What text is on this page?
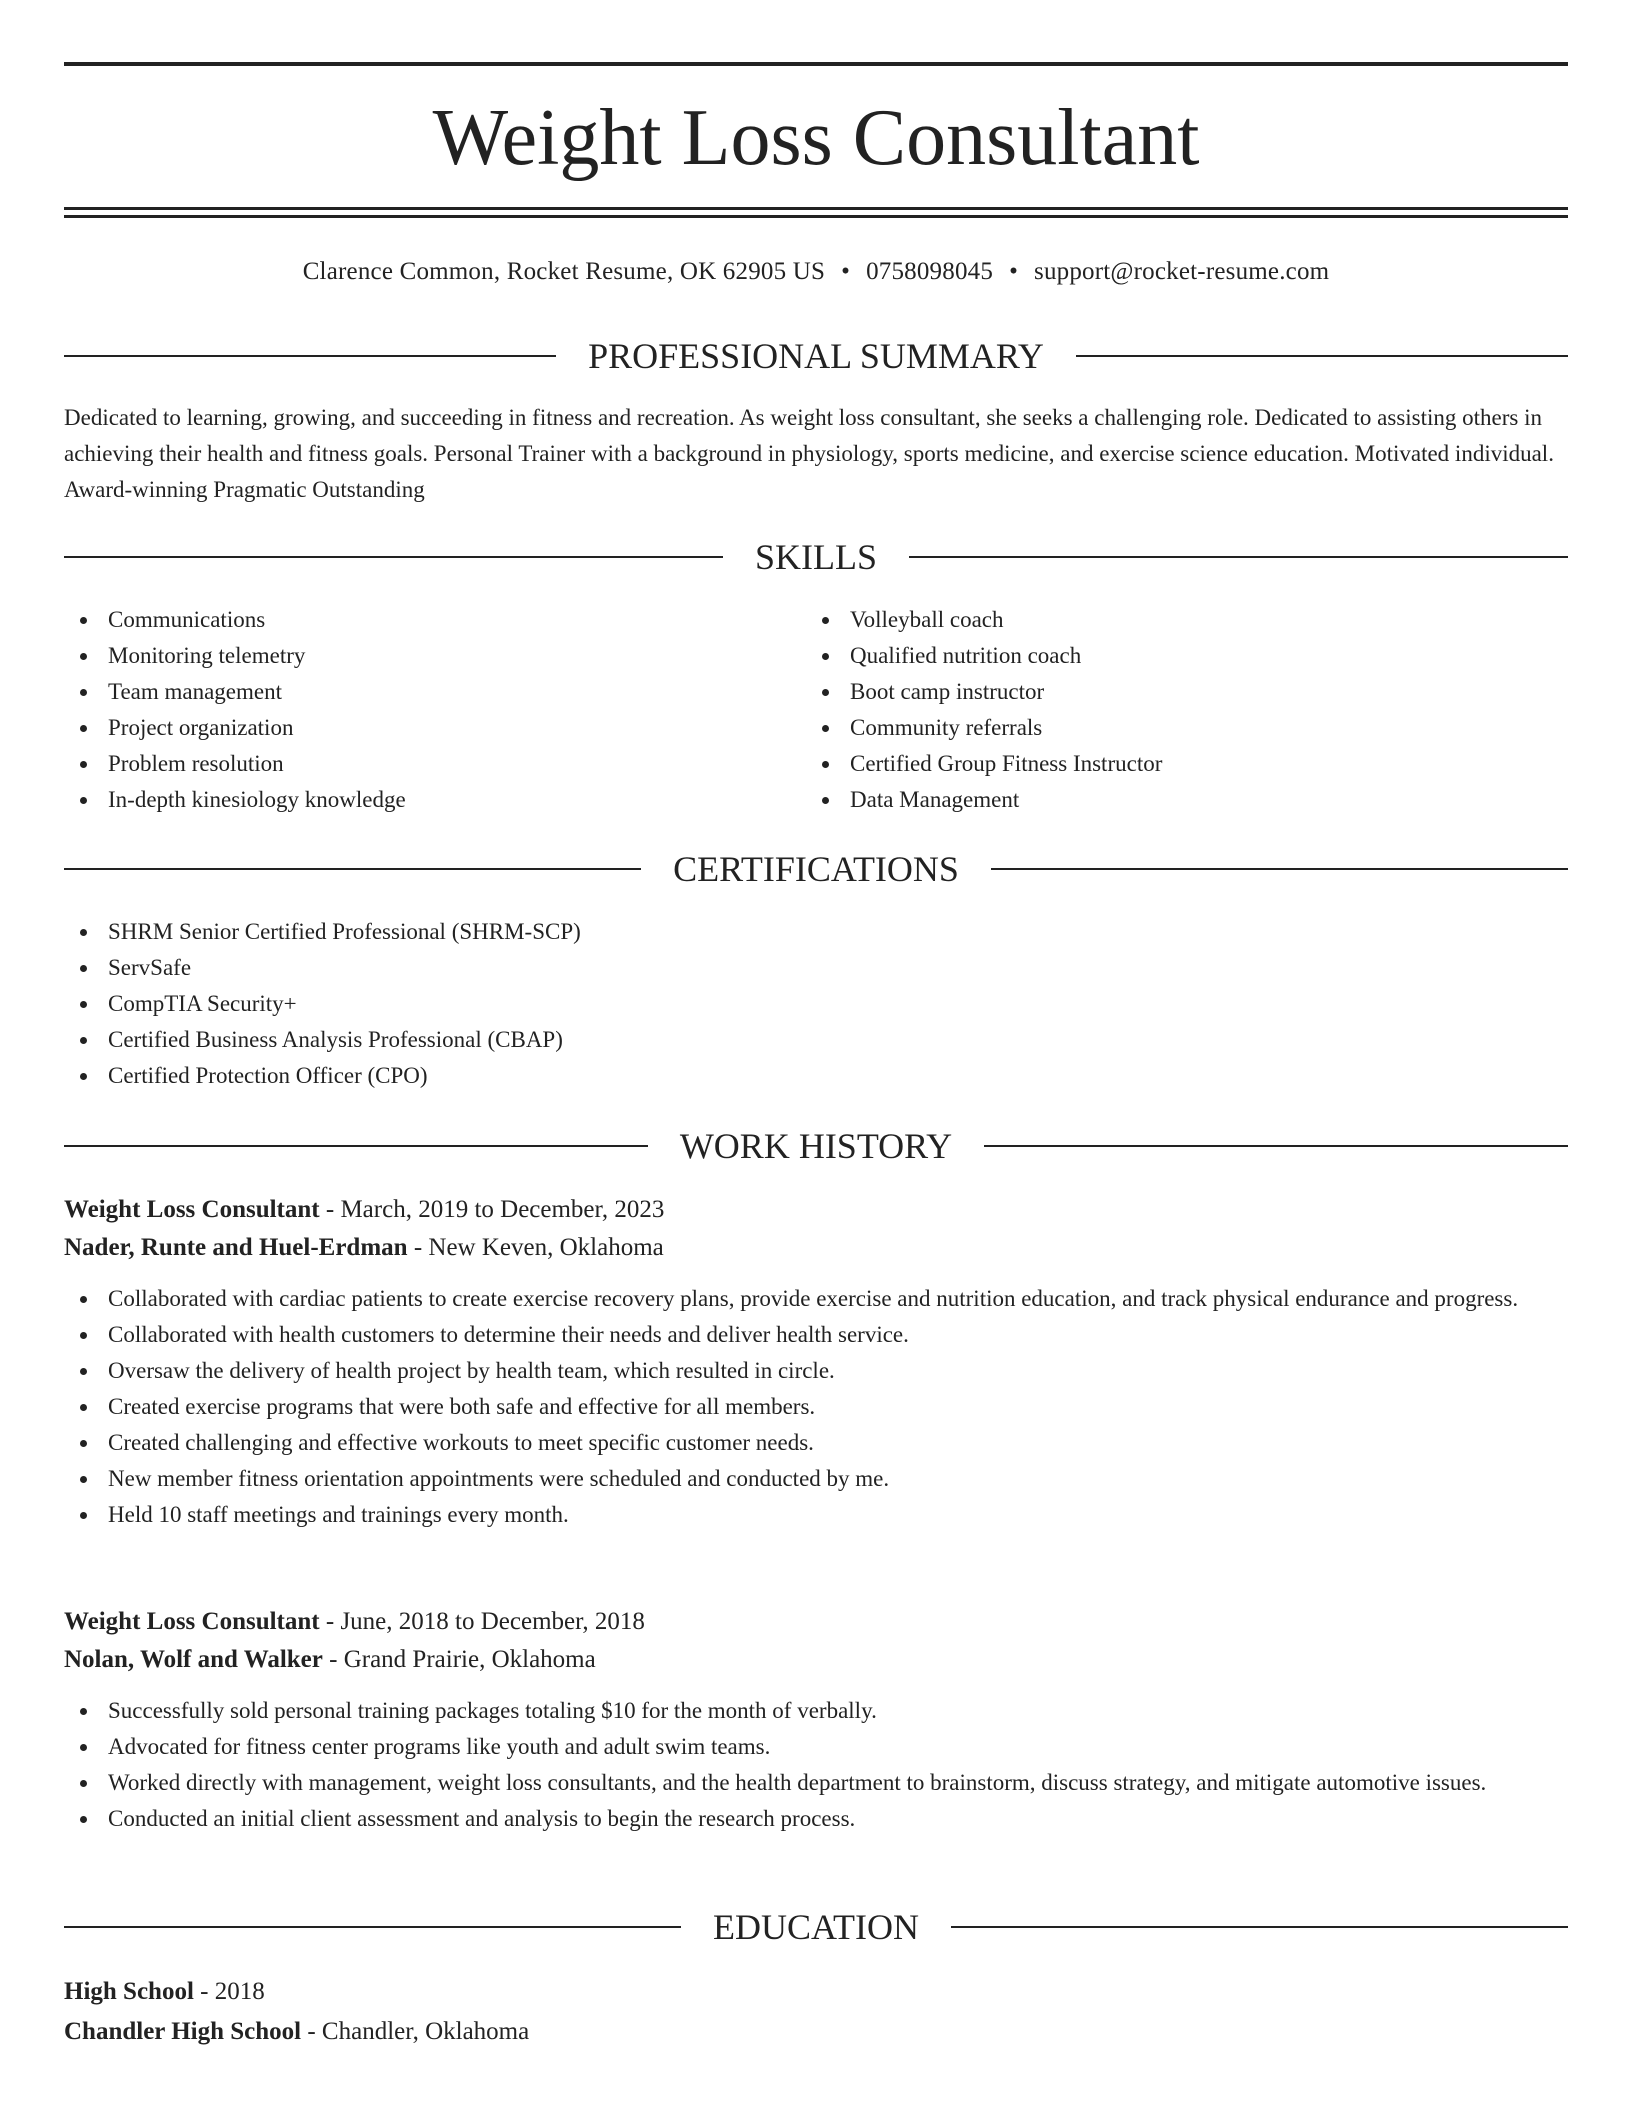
Weight Loss Consultant
Clarence Common, Rocket Resume, OK 62905 US • 0758098045 • support@rocket-resume.com
PROFESSIONAL SUMMARY

Dedicated to learning, growing, and succeeding in fitness and recreation. As weight loss consultant, she seeks a challenging role. Dedicated to assisting others in achieving their health and fitness goals. Personal Trainer with a background in physiology, sports medicine, and exercise science education. Motivated individual. Award-winning Pragmatic Outstanding

SKILLS
Communications
Monitoring telemetry
Team management
Project organization
Problem resolution
In-depth kinesiology knowledge
Volleyball coach
Qualified nutrition coach
Boot camp instructor
Community referrals
Certified Group Fitness Instructor
Data Management
CERTIFICATIONS
SHRM Senior Certified Professional (SHRM-SCP)
ServSafe
CompTIA Security+
Certified Business Analysis Professional (CBAP)
Certified Protection Officer (CPO)
WORK HISTORY
Weight Loss Consultant - March, 2019 to December, 2023
Nader, Runte and Huel-Erdman - New Keven, Oklahoma
Collaborated with cardiac patients to create exercise recovery plans, provide exercise and nutrition education, and track physical endurance and progress.
Collaborated with health customers to determine their needs and deliver health service.
Oversaw the delivery of health project by health team, which resulted in circle.
Created exercise programs that were both safe and effective for all members.
Created challenging and effective workouts to meet specific customer needs.
New member fitness orientation appointments were scheduled and conducted by me.
Held 10 staff meetings and trainings every month.
Weight Loss Consultant - June, 2018 to December, 2018
Nolan, Wolf and Walker - Grand Prairie, Oklahoma
Successfully sold personal training packages totaling $10 for the month of verbally.
Advocated for fitness center programs like youth and adult swim teams.
Worked directly with management, weight loss consultants, and the health department to brainstorm, discuss strategy, and mitigate automotive issues.
Conducted an initial client assessment and analysis to begin the research process.
EDUCATION
High School - 2018
Chandler High School - Chandler, Oklahoma
